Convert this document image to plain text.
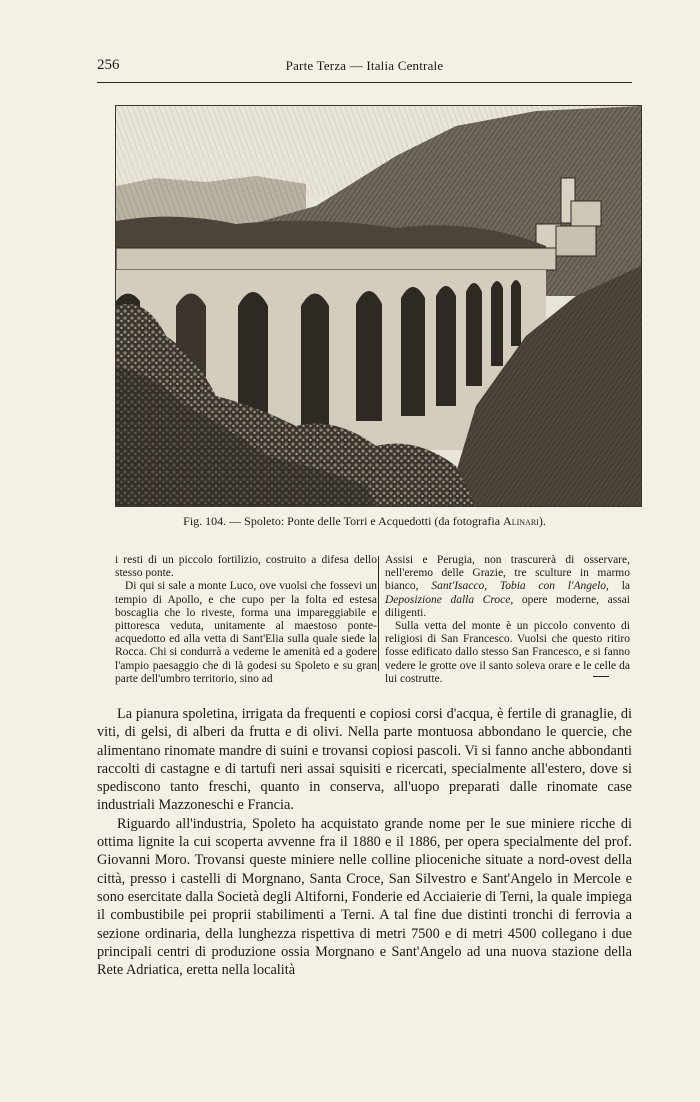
256	Parte Terza — Italia Centrale
Fig. 104. — Spoleto: Ponte delle Torri e Acquedotti (da fotografia Alinari).

i resti di un piccolo fortilizio, costruito a difesa dello stesso ponte.

Di qui si sale a monte Luco, ove vuolsi che fossevi un tempio di Apollo, e che cupo per la folta ed estesa boscaglia che lo riveste, forma una impareggiabile e pittoresca veduta, unitamente al maestoso ponte-acquedotto ed alla vetta di Sant'Elia sulla quale siede la Rocca. Chi si condurrà a vederne le amenità ed a godere l'ampio paesaggio che di là godesi su Spoleto e su gran parte dell'umbro territorio, sino ad

Assisi e Perugia, non trascurerà di osservare, nell'eremo delle Grazie, tre sculture in marmo bianco, Sant'Isacco, Tobia con l'Angelo, la Deposizione dalla Croce, opere moderne, assai diligenti.

Sulla vetta del monte è un piccolo convento di religiosi di San Francesco. Vuolsi che questo ritiro fosse edificato dallo stesso San Francesco, e si fanno vedere le grotte ove il santo soleva orare e le celle da lui costrutte.

La pianura spoletina, irrigata da frequenti e copiosi corsi d'acqua, è fertile di granaglie, di viti, di gelsi, di alberi da frutta e di olivi. Nella parte montuosa abbondano le quercie, che alimentano rinomate mandre di suini e trovansi copiosi pascoli. Vi si fanno anche abbondanti raccolti di castagne e di tartufi neri assai squisiti e ricercati, specialmente all'estero, dove si spediscono tanto freschi, quanto in conserva, all'uopo preparati dalle rinomate case industriali Mazzoneschi e Francia.

Riguardo all'industria, Spoleto ha acquistato grande nome per le sue miniere ricche di ottima lignite la cui scoperta avvenne fra il 1880 e il 1886, per opera specialmente del prof. Giovanni Moro. Trovansi queste miniere nelle colline plioceniche situate a nord-ovest della città, presso i castelli di Morgnano, Santa Croce, San Silvestro e Sant'Angelo in Mercole e sono esercitate dalla Società degli Altiforni, Fonderie ed Acciaierie di Terni, la quale impiega il combustibile pei proprii stabilimenti a Terni. A tal fine due distinti tronchi di ferrovia a sezione ordinaria, della lunghezza rispettiva di metri 7500 e di metri 4500 collegano i due principali centri di produzione ossia Morgnano e Sant'Angelo ad una nuova stazione della Rete Adriatica, eretta nella località
